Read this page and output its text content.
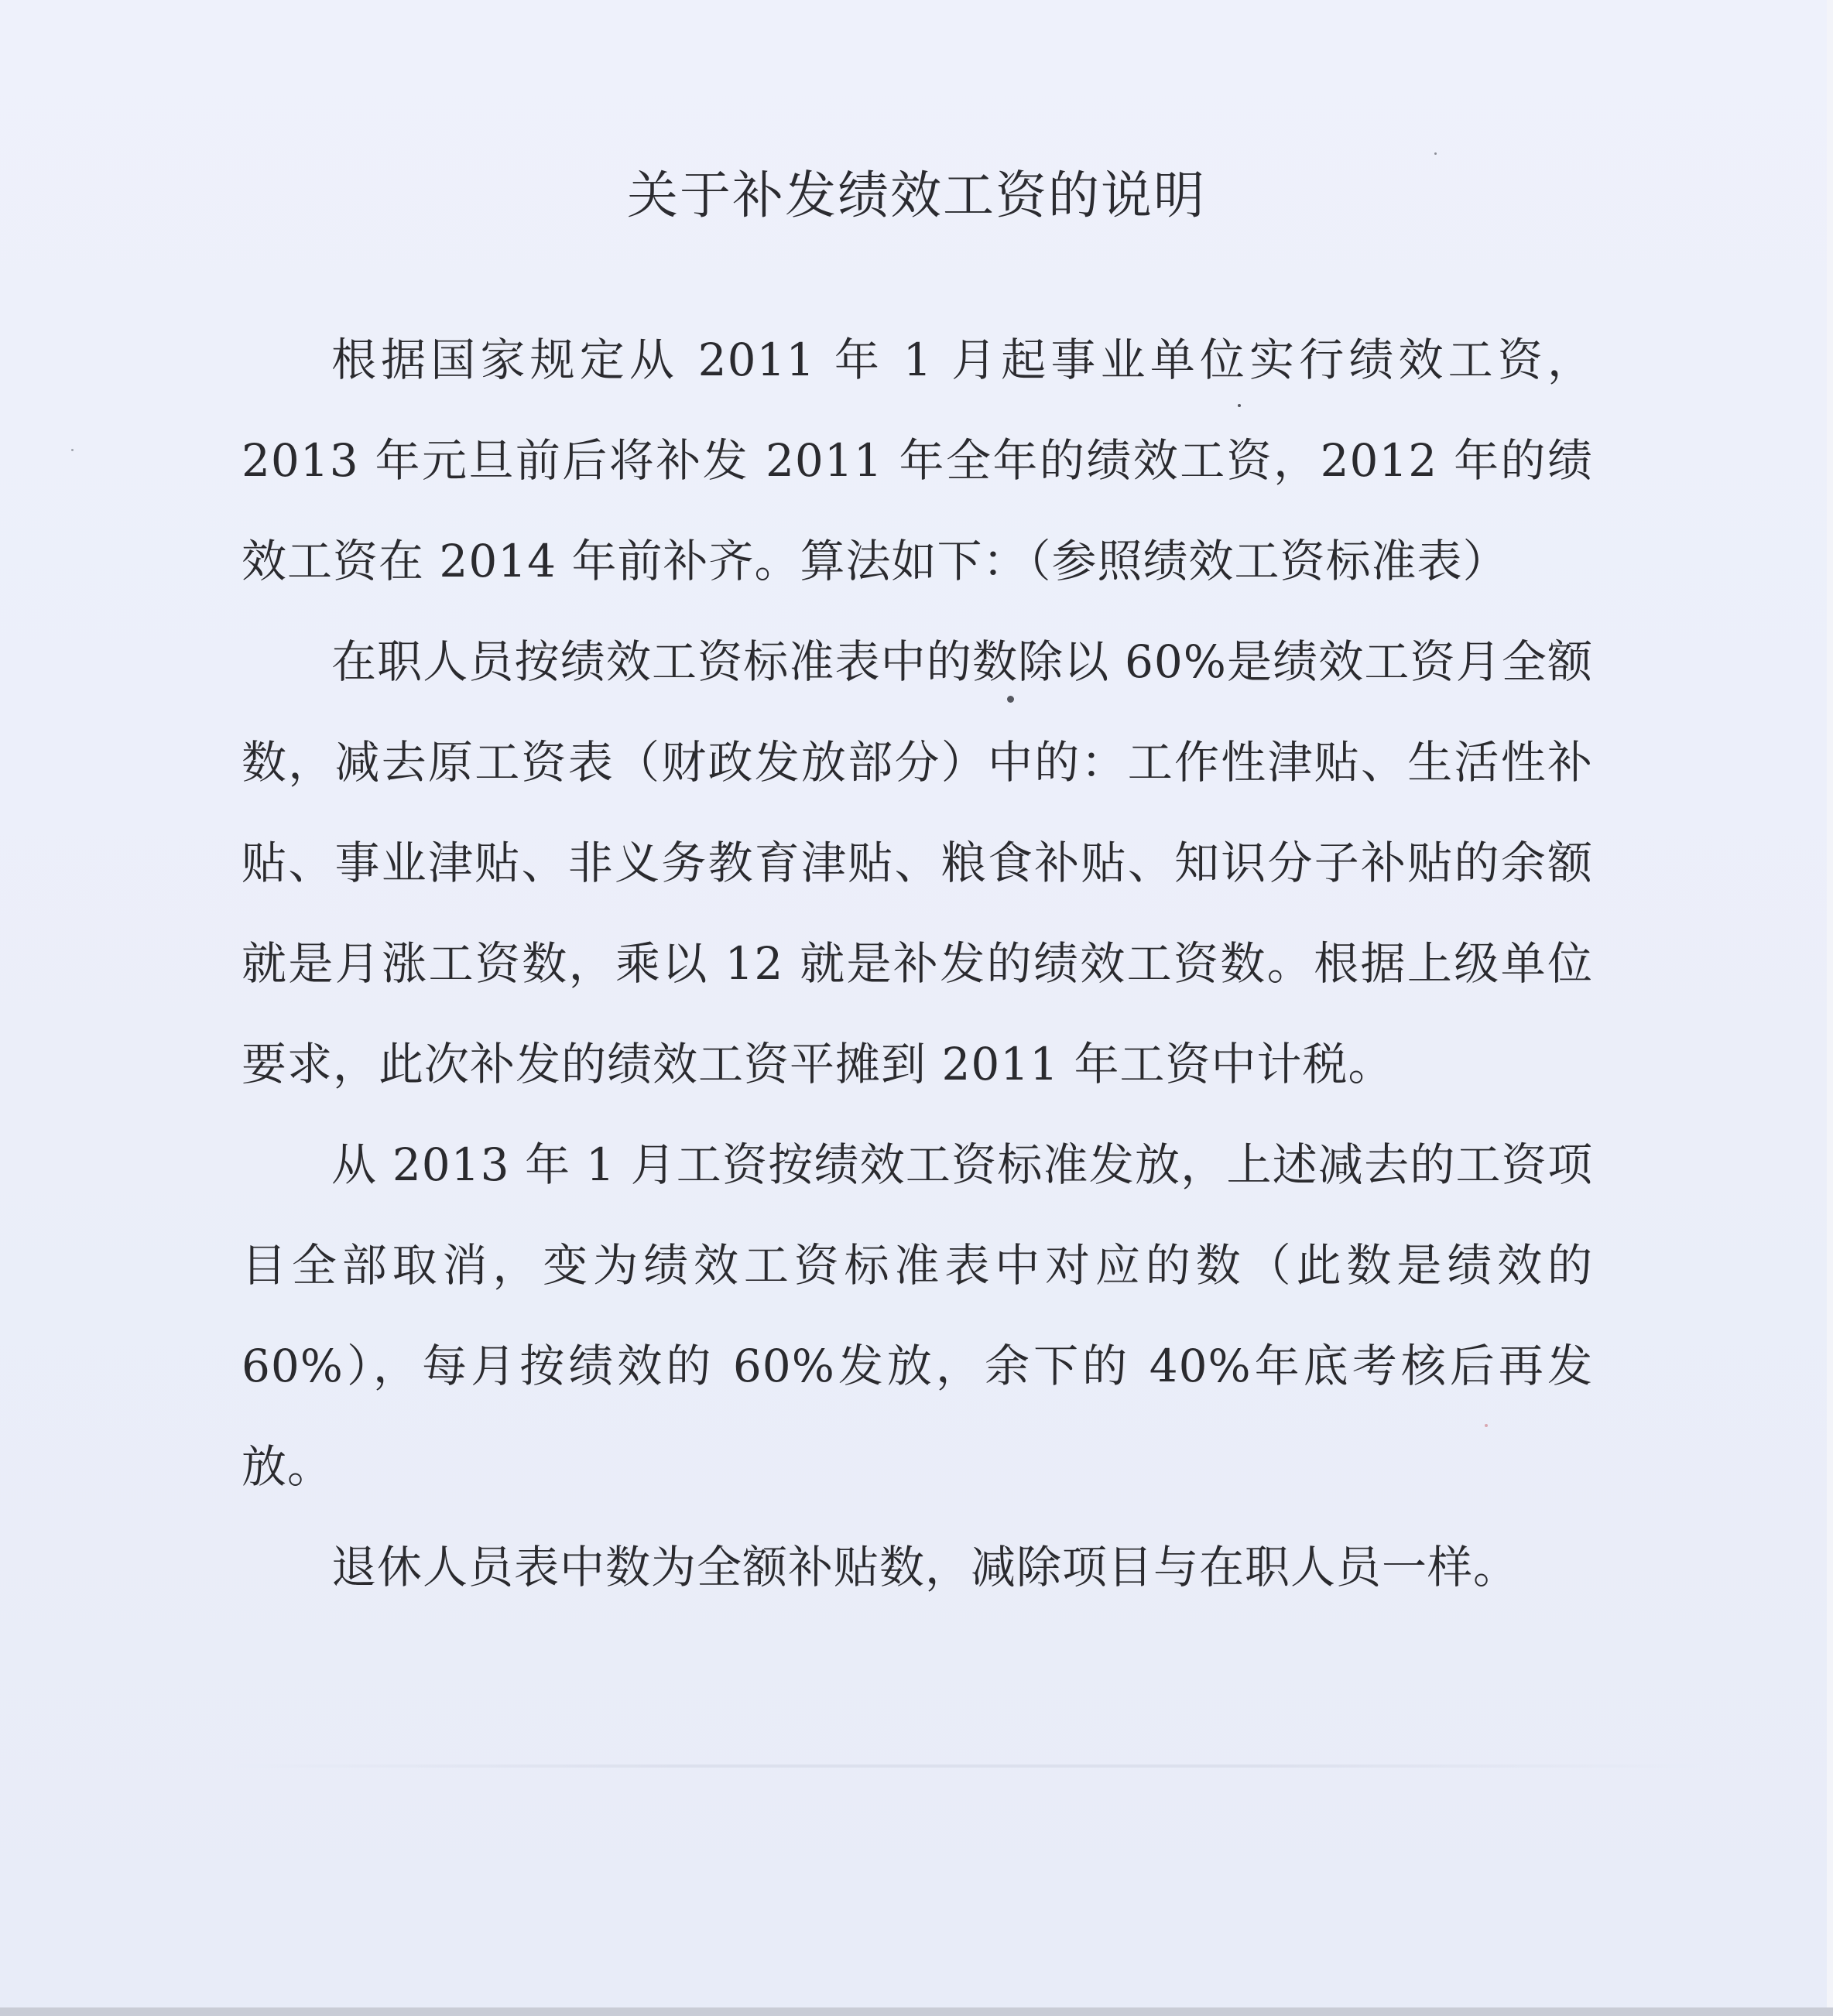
关于补发绩效工资的说明

根据国家规定从 2011 年 1 月起事业单位实行绩效工资，2013 年元旦前后将补发 2011 年全年的绩效工资，2012 年的绩效工资在 2014 年前补齐。算法如下：（参照绩效工资标准表）

在职人员按绩效工资标准表中的数除以 60%是绩效工资月全额数，减去原工资表（财政发放部分）中的：工作性津贴、生活性补贴、事业津贴、非义务教育津贴、粮食补贴、知识分子补贴的余额就是月涨工资数，乘以 12 就是补发的绩效工资数。根据上级单位要求，此次补发的绩效工资平摊到 2011 年工资中计税。

从 2013 年 1 月工资按绩效工资标准发放，上述减去的工资项目全部取消，变为绩效工资标准表中对应的数（此数是绩效的 60%），每月按绩效的 60%发放，余下的 40%年底考核后再发放。

退休人员表中数为全额补贴数，减除项目与在职人员一样。
